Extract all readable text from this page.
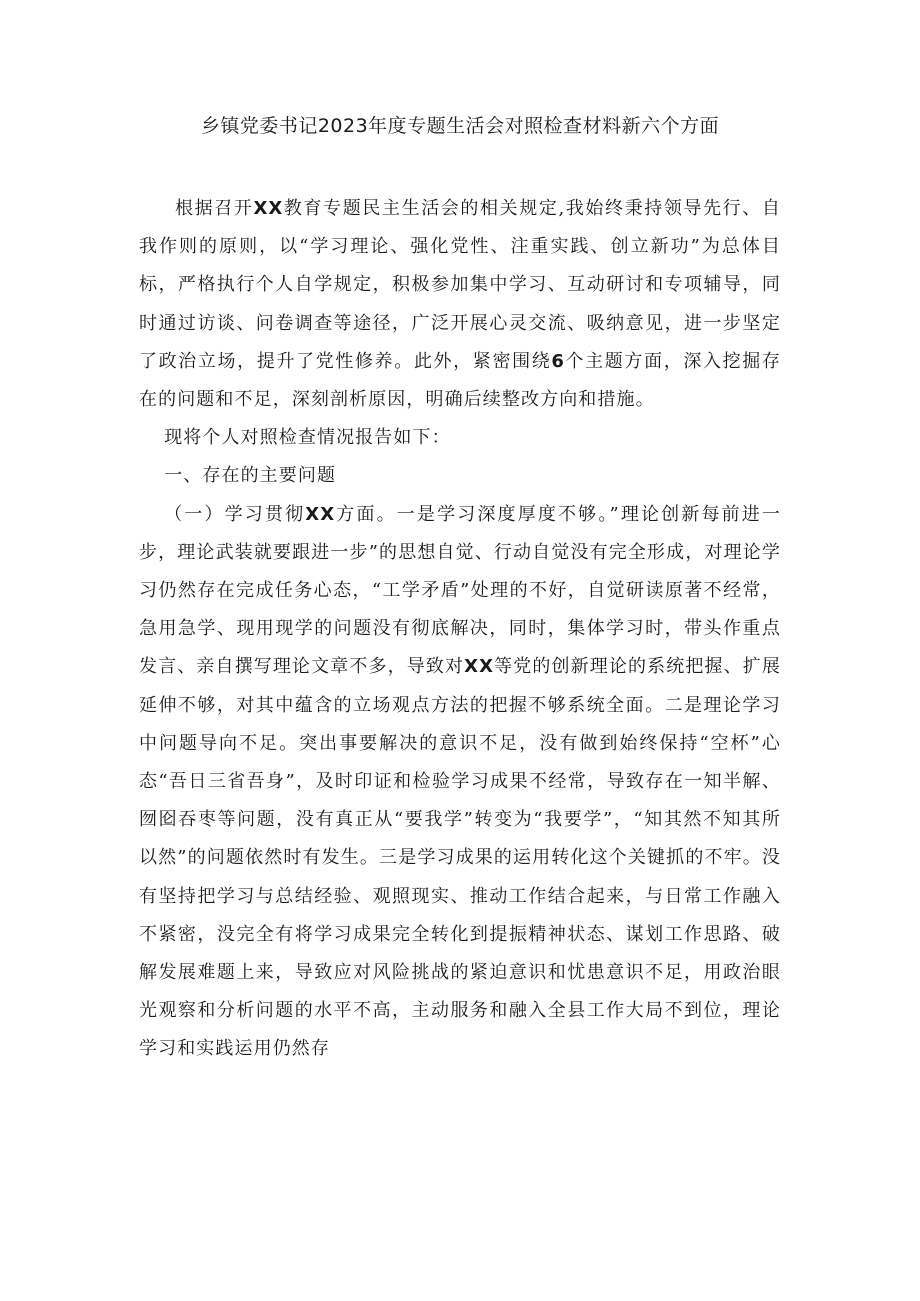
乡镇党委书记2023年度专题生活会对照检查材料新六个方面

根据召开XX教育专题民主生活会的相关规定,我始终秉持领导先行、自我作则的原则，以“学习理论、强化党性、注重实践、创立新功”为总体目标，严格执行个人自学规定，积极参加集中学习、互动研讨和专项辅导，同时通过访谈、问卷调查等途径，广泛开展心灵交流、吸纳意见，进一步坚定了政治立场，提升了党性修养。此外，紧密围绕6个主题方面，深入挖掘存在的问题和不足，深刻剖析原因，明确后续整改方向和措施。

现将个人对照检查情况报告如下：

一、存在的主要问题

（一）学习贯彻XX方面。一是学习深度厚度不够。”理论创新每前进一步，理论武装就要跟进一步”的思想自觉、行动自觉没有完全形成，对理论学习仍然存在完成任务心态，“工学矛盾”处理的不好，自觉研读原著不经常，急用急学、现用现学的问题没有彻底解决，同时，集体学习时，带头作重点发言、亲自撰写理论文章不多，导致对XX等党的创新理论的系统把握、扩展延伸不够，对其中蕴含的立场观点方法的把握不够系统全面。二是理论学习中问题导向不足。突出事要解决的意识不足，没有做到始终保持“空杯”心态“吾日三省吾身”，及时印证和检验学习成果不经常，导致存在一知半解、囫囵吞枣等问题，没有真正从“要我学”转变为“我要学”，“知其然不知其所以然”的问题依然时有发生。三是学习成果的运用转化这个关键抓的不牢。没有坚持把学习与总结经验、观照现实、推动工作结合起来，与日常工作融入不紧密，没完全有将学习成果完全转化到提振精神状态、谋划工作思路、破解发展难题上来，导致应对风险挑战的紧迫意识和忧患意识不足，用政治眼光观察和分析问题的水平不高，主动服务和融入全县工作大局不到位，理论学习和实践运用仍然存
